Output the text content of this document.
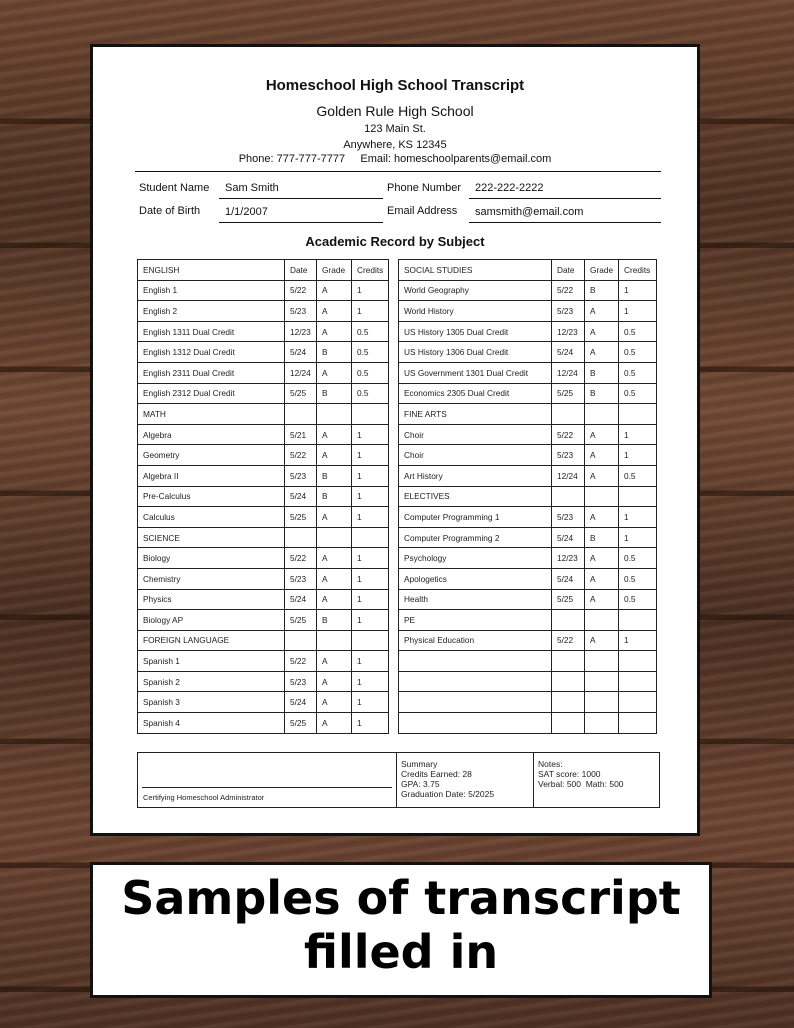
Homeschool High School Transcript
Golden Rule High School
123 Main St.
Anywhere, KS 12345
Phone: 777-777-7777     Email: homeschoolparents@email.com
Student Name Sam Smith	Phone Number 222-222-2222
Date of Birth 1/1/2007	Email Address samsmith@email.com
Academic Record by Subject
ENGLISH	Date	Grade	Credits
English 1	5/22	A	1
English 2	5/23	A	1
English 1311 Dual Credit	12/23	A	0.5
English 1312 Dual Credit	5/24	B	0.5
English 2311 Dual Credit	12/24	A	0.5
English 2312 Dual Credit	5/25	B	0.5
MATH			
Algebra	5/21	A	1
Geometry	5/22	A	1
Algebra II	5/23	B	1
Pre-Calculus	5/24	B	1
Calculus	5/25	A	1
SCIENCE			
Biology	5/22	A	1
Chemistry	5/23	A	1
Physics	5/24	A	1
Biology AP	5/25	B	1
FOREIGN LANGUAGE			
Spanish 1	5/22	A	1
Spanish 2	5/23	A	1
Spanish 3	5/24	A	1
Spanish 4	5/25	A	1
SOCIAL STUDIES	Date	Grade	Credits
World Geography	5/22	B	1
World History	5/23	A	1
US History 1305 Dual Credit	12/23	A	0.5
US History 1306 Dual Credit	5/24	A	0.5
US Government 1301 Dual Credit	12/24	B	0.5
Economics 2305 Dual Credit	5/25	B	0.5
FINE ARTS			
Choir	5/22	A	1
Choir	5/23	A	1
Art History	12/24	A	0.5
ELECTIVES			
Computer Programming 1	5/23	A	1
Computer Programming 2	5/24	B	1
Psychology	12/23	A	0.5
Apologetics	5/24	A	0.5
Health	5/25	A	0.5
PE			
Physical Education	5/22	A	1

Certifying Homeschool Administrator
Summary
Credits Earned: 28
GPA: 3.75
Graduation Date: 5/2025
Notes:
SAT score: 1000
Verbal: 500  Math: 500
Samples of transcript
filled in
